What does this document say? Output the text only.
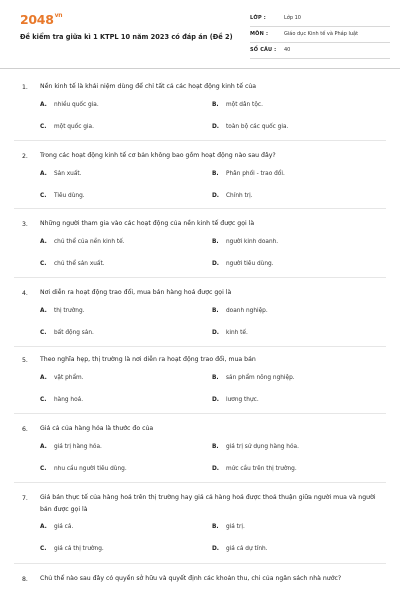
$2048^{vn}$
Đề kiểm tra giữa kì 1 KTPL 10 năm 2023 có đáp án (Đề 2)
LỚP :	Lớp 10
MÔN :	Giáo dục Kinh tế và Pháp luật
SỐ CÂU : 40
1. Nền kinh tế là khái niệm dùng để chỉ tất cả các hoạt động kinh tế của
A. nhiều quốc gia.	B. một dân tộc.
C. một quốc gia.	D. toàn bộ các quốc gia.
2. Trong các hoạt động kinh tế cơ bản không bao gồm hoạt động nào sau đây?
A. Sản xuất.	B. Phân phối - trao đổi.
C. Tiêu dùng.	D. Chính trị.
3. Những người tham gia vào các hoạt động của nền kinh tế được gọi là
A. chủ thể của nền kinh tế.	B. người kinh doanh.
C. chủ thể sản xuất.	D. người tiêu dùng.
4. Nơi diễn ra hoạt động trao đổi, mua bán hàng hoá được gọi là
A. thị trường.	B. doanh nghiệp.
C. bất động sản.	D. kinh tế.
5. Theo nghĩa hẹp, thị trường là nơi diễn ra hoạt động trao đổi, mua bán
A. vật phẩm.	B. sản phẩm nông nghiệp.
C. hàng hoá.	D. lương thực.
6. Giá cả của hàng hóa là thước đo của
A. giá trị hàng hóa.	B. giá trị sử dụng hàng hóa.
C. nhu cầu người tiêu dùng.	D. mức cầu trên thị trường.
7. Giá bán thực tế của hàng hoá trên thị trường hay giá cả hàng hoá được thoả thuận giữa người mua và người bán được gọi là
A. giá cả.	B. giá trị.
C. giá cả thị trường.	D. giá cả dự tính.
8. Chủ thể nào sau đây có quyền sở hữu và quyết định các khoản thu, chi của ngân sách nhà nước?
